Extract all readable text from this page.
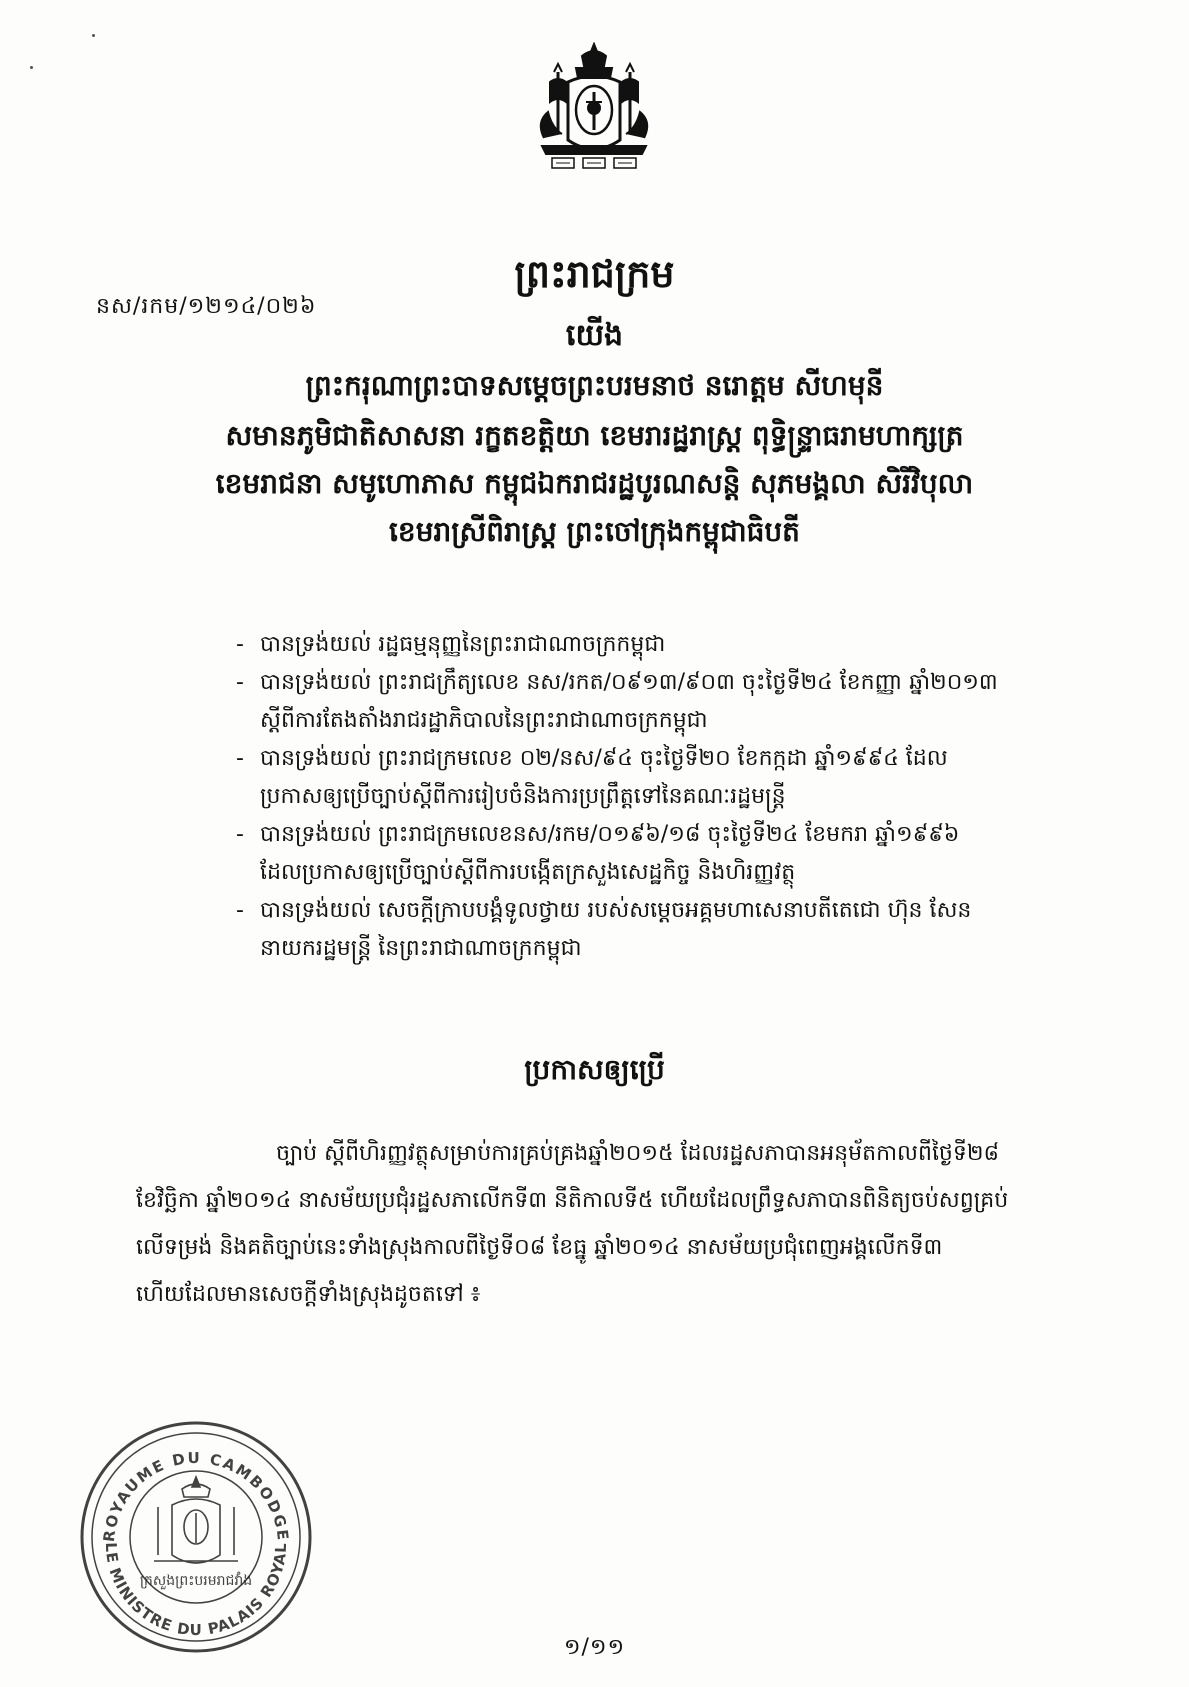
នស/រកម/១២១៤/០២៦
ព្រះរាជក្រម
យើង
ព្រះករុណាព្រះបាទសម្តេចព្រះបរមនាថ នរោត្តម សីហមុនី
សមានភូមិជាតិសាសនា រក្ខតខត្តិយា ខេមរារដ្ឋរាស្ត្រ ពុទ្ធិន្ទ្រាធរាមហាក្សត្រ
ខេមរាជនា សមូហោភាស កម្ពុជឯករាជរដ្ឋបូរណសន្តិ សុភមង្គលា សិរីវិបុលា
ខេមរាស្រីពិរាស្ត្រ ព្រះចៅក្រុងកម្ពុជាធិបតី
- បានទ្រង់យល់ រដ្ឋធម្មនុញ្ញនៃព្រះរាជាណាចក្រកម្ពុជា
- បានទ្រង់យល់ ព្រះរាជក្រឹត្យលេខ នស/រកត/០៩១៣/៩០៣ ចុះថ្ងៃទី២៤ ខែកញ្ញា ឆ្នាំ២០១៣
ស្តីពីការតែងតាំងរាជរដ្ឋាភិបាលនៃព្រះរាជាណាចក្រកម្ពុជា
- បានទ្រង់យល់ ព្រះរាជក្រមលេខ ០២/នស/៩៤ ចុះថ្ងៃទី២០ ខែកក្កដា ឆ្នាំ១៩៩៤ ដែល
ប្រកាសឲ្យប្រើច្បាប់ស្តីពីការរៀបចំនិងការប្រព្រឹត្តទៅនៃគណៈរដ្ឋមន្ត្រី
- បានទ្រង់យល់ ព្រះរាជក្រមលេខនស/រកម/០១៩៦/១៨ ចុះថ្ងៃទី២៤ ខែមករា ឆ្នាំ១៩៩៦
ដែលប្រកាសឲ្យប្រើច្បាប់ស្តីពីការបង្កើតក្រសួងសេដ្ឋកិច្ច និងហិរញ្ញវត្ថុ
- បានទ្រង់យល់ សេចក្តីក្រាបបង្គំទូលថ្វាយ របស់សម្តេចអគ្គមហាសេនាបតីតេជោ ហ៊ុន សែន
នាយករដ្ឋមន្ត្រី នៃព្រះរាជាណាចក្រកម្ពុជា
ប្រកាសឲ្យប្រើ
ច្បាប់ ស្តីពីហិរញ្ញវត្ថុសម្រាប់ការគ្រប់គ្រងឆ្នាំ២០១៥ ដែលរដ្ឋសភាបានអនុម័តកាលពីថ្ងៃទី២៨
ខែវិច្ឆិកា ឆ្នាំ២០១៤ នាសម័យប្រជុំរដ្ឋសភាលើកទី៣ នីតិកាលទី៥ ហើយដែលព្រឹទ្ធសភាបានពិនិត្យចប់សព្វគ្រប់
លើទម្រង់ និងគតិច្បាប់នេះទាំងស្រុងកាលពីថ្ងៃទី០៨ ខែធ្នូ ឆ្នាំ២០១៤ នាសម័យប្រជុំពេញអង្គលើកទី៣
ហើយដែលមានសេចក្តីទាំងស្រុងដូចតទៅ ៖
ROYAUME DU CAMBODGE
LE MINISTRE DU PALAIS ROYAL
ក្រសួងព្រះបរមរាជវាំង
១/១១
